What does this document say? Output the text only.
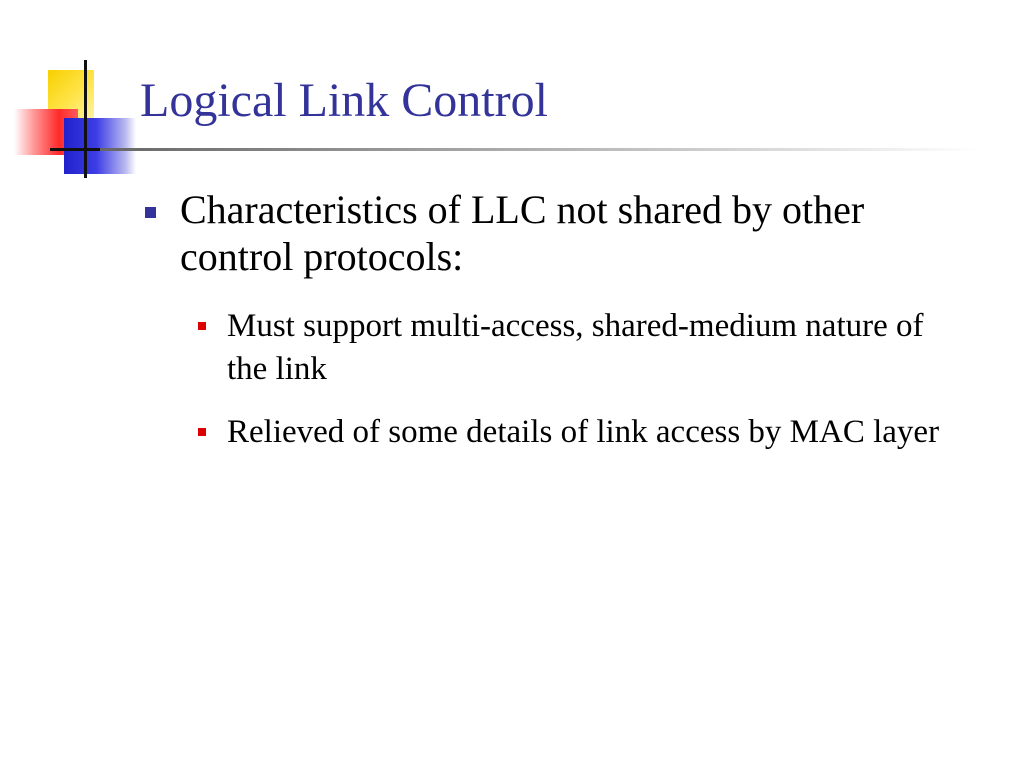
Logical Link Control
Characteristics of LLC not shared by other control protocols:
Must support multi-access, shared-medium nature of the link
Relieved of some details of link access by MAC layer
